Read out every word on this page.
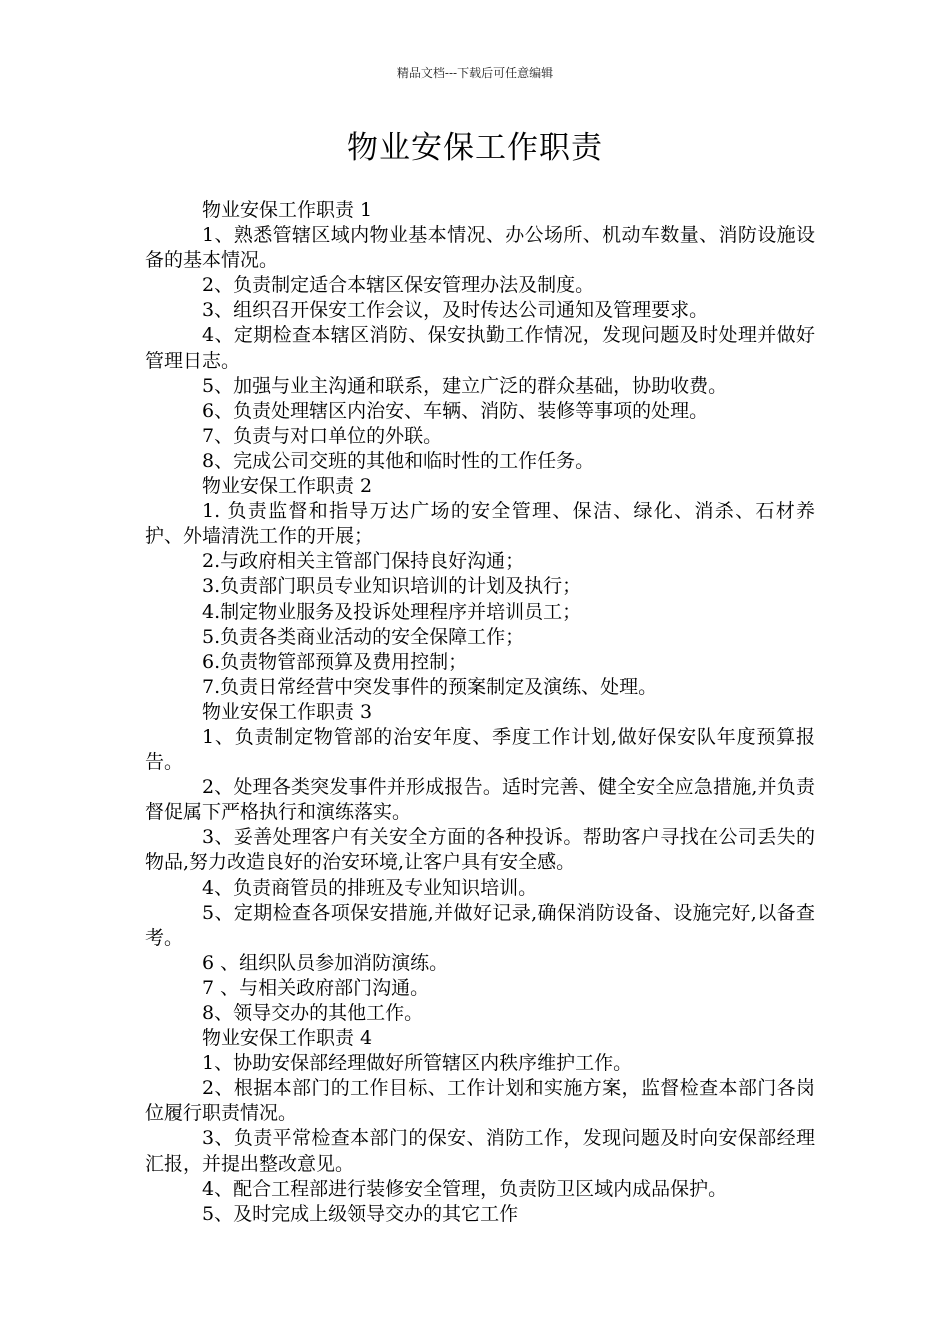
精品文档---下载后可任意编辑
物业安保工作职责

物业安保工作职责 1

1、熟悉管辖区域内物业基本情况、办公场所、机动车数量、消防设施设备的基本情况。

2、负责制定适合本辖区保安管理办法及制度。

3、组织召开保安工作会议，及时传达公司通知及管理要求。

4、定期检查本辖区消防、保安执勤工作情况，发现问题及时处理并做好管理日志。

5、加强与业主沟通和联系，建立广泛的群众基础，协助收费。

6、负责处理辖区内治安、车辆、消防、装修等事项的处理。

7、负责与对口单位的外联。

8、完成公司交班的其他和临时性的工作任务。

物业安保工作职责 2

1. 负责监督和指导万达广场的安全管理、保洁、绿化、消杀、石材养护、外墙清洗工作的开展；

2.与政府相关主管部门保持良好沟通；

3.负责部门职员专业知识培训的计划及执行；

4.制定物业服务及投诉处理程序并培训员工；

5.负责各类商业活动的安全保障工作；

6.负责物管部预算及费用控制；

7.负责日常经营中突发事件的预案制定及演练、处理。

物业安保工作职责 3

1、负责制定物管部的治安年度、季度工作计划,做好保安队年度预算报告。

2、处理各类突发事件并形成报告。适时完善、健全安全应急措施,并负责督促属下严格执行和演练落实。

3、妥善处理客户有关安全方面的各种投诉。帮助客户寻找在公司丢失的物品,努力改造良好的治安环境,让客户具有安全感。

4、负责商管员的排班及专业知识培训。

5、定期检查各项保安措施,并做好记录,确保消防设备、设施完好,以备查考。

6 、组织队员参加消防演练。

7 、与相关政府部门沟通。

8、领导交办的其他工作。

物业安保工作职责 4

1、协助安保部经理做好所管辖区内秩序维护工作。

2、根据本部门的工作目标、工作计划和实施方案，监督检查本部门各岗位履行职责情况。

3、负责平常检查本部门的保安、消防工作，发现问题及时向安保部经理汇报，并提出整改意见。

4、配合工程部进行装修安全管理，负责防卫区域内成品保护。

5、及时完成上级领导交办的其它工作
